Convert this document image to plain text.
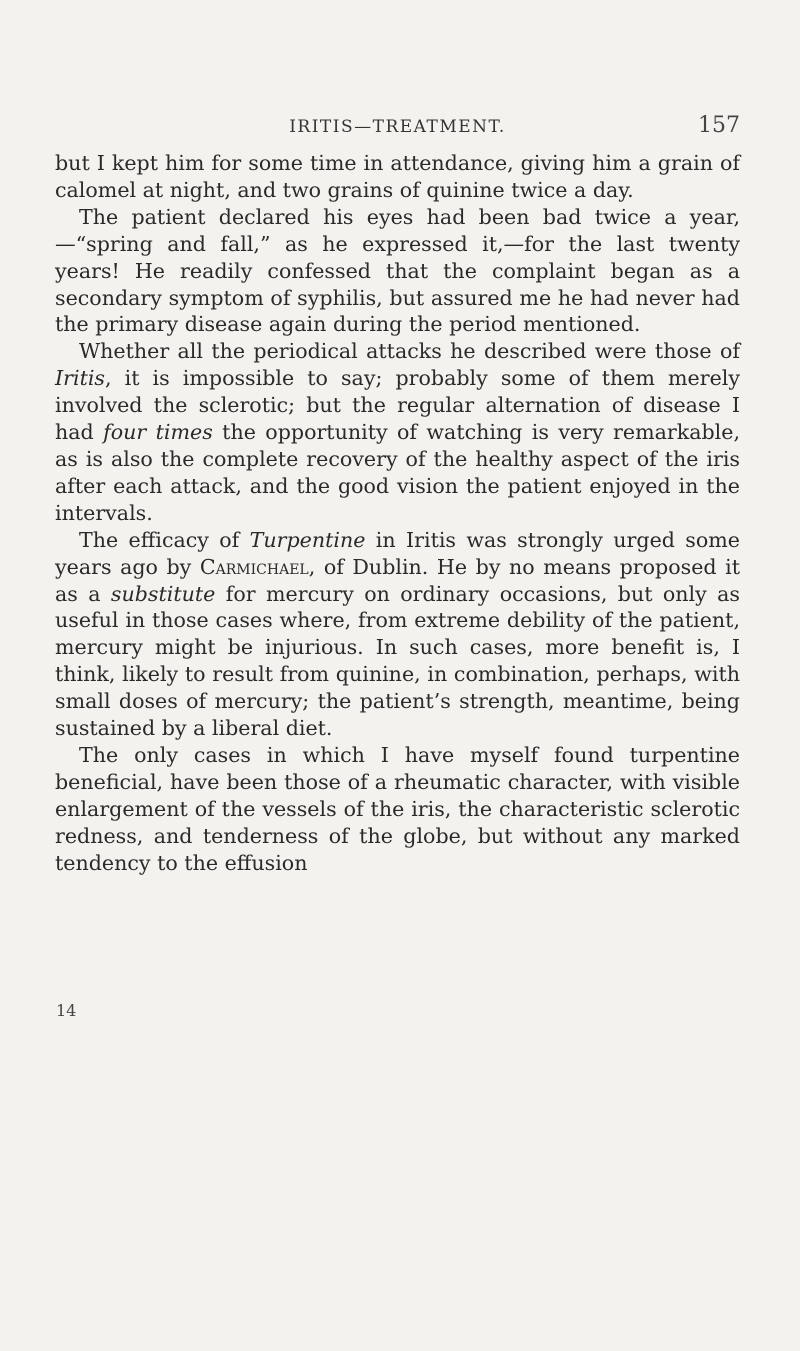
IRITIS—TREATMENT.	157

but I kept him for some time in attendance, giving him a grain of calomel at night, and two grains of quinine twice a day.

The patient declared his eyes had been bad twice a year,—“spring and fall,” as he expressed it,—for the last twenty years! He readily confessed that the complaint began as a secondary symptom of syphilis, but assured me he had never had the primary disease again during the period mentioned.

Whether all the periodical attacks he described were those of Iritis, it is impossible to say; probably some of them merely involved the sclerotic; but the regular alternation of disease I had four times the opportunity of watching is very remarkable, as is also the complete recovery of the healthy aspect of the iris after each attack, and the good vision the patient enjoyed in the intervals.

The efficacy of Turpentine in Iritis was strongly urged some years ago by Carmichael, of Dublin. He by no means proposed it as a substitute for mercury on ordinary occasions, but only as useful in those cases where, from extreme debility of the patient, mercury might be injurious. In such cases, more benefit is, I think, likely to result from quinine, in combination, perhaps, with small doses of mercury; the patient’s strength, meantime, being sustained by a liberal diet.

The only cases in which I have myself found turpentine beneficial, have been those of a rheumatic character, with visible enlargement of the vessels of the iris, the characteristic sclerotic redness, and tenderness of the globe, but without any marked tendency to the effusion

14
